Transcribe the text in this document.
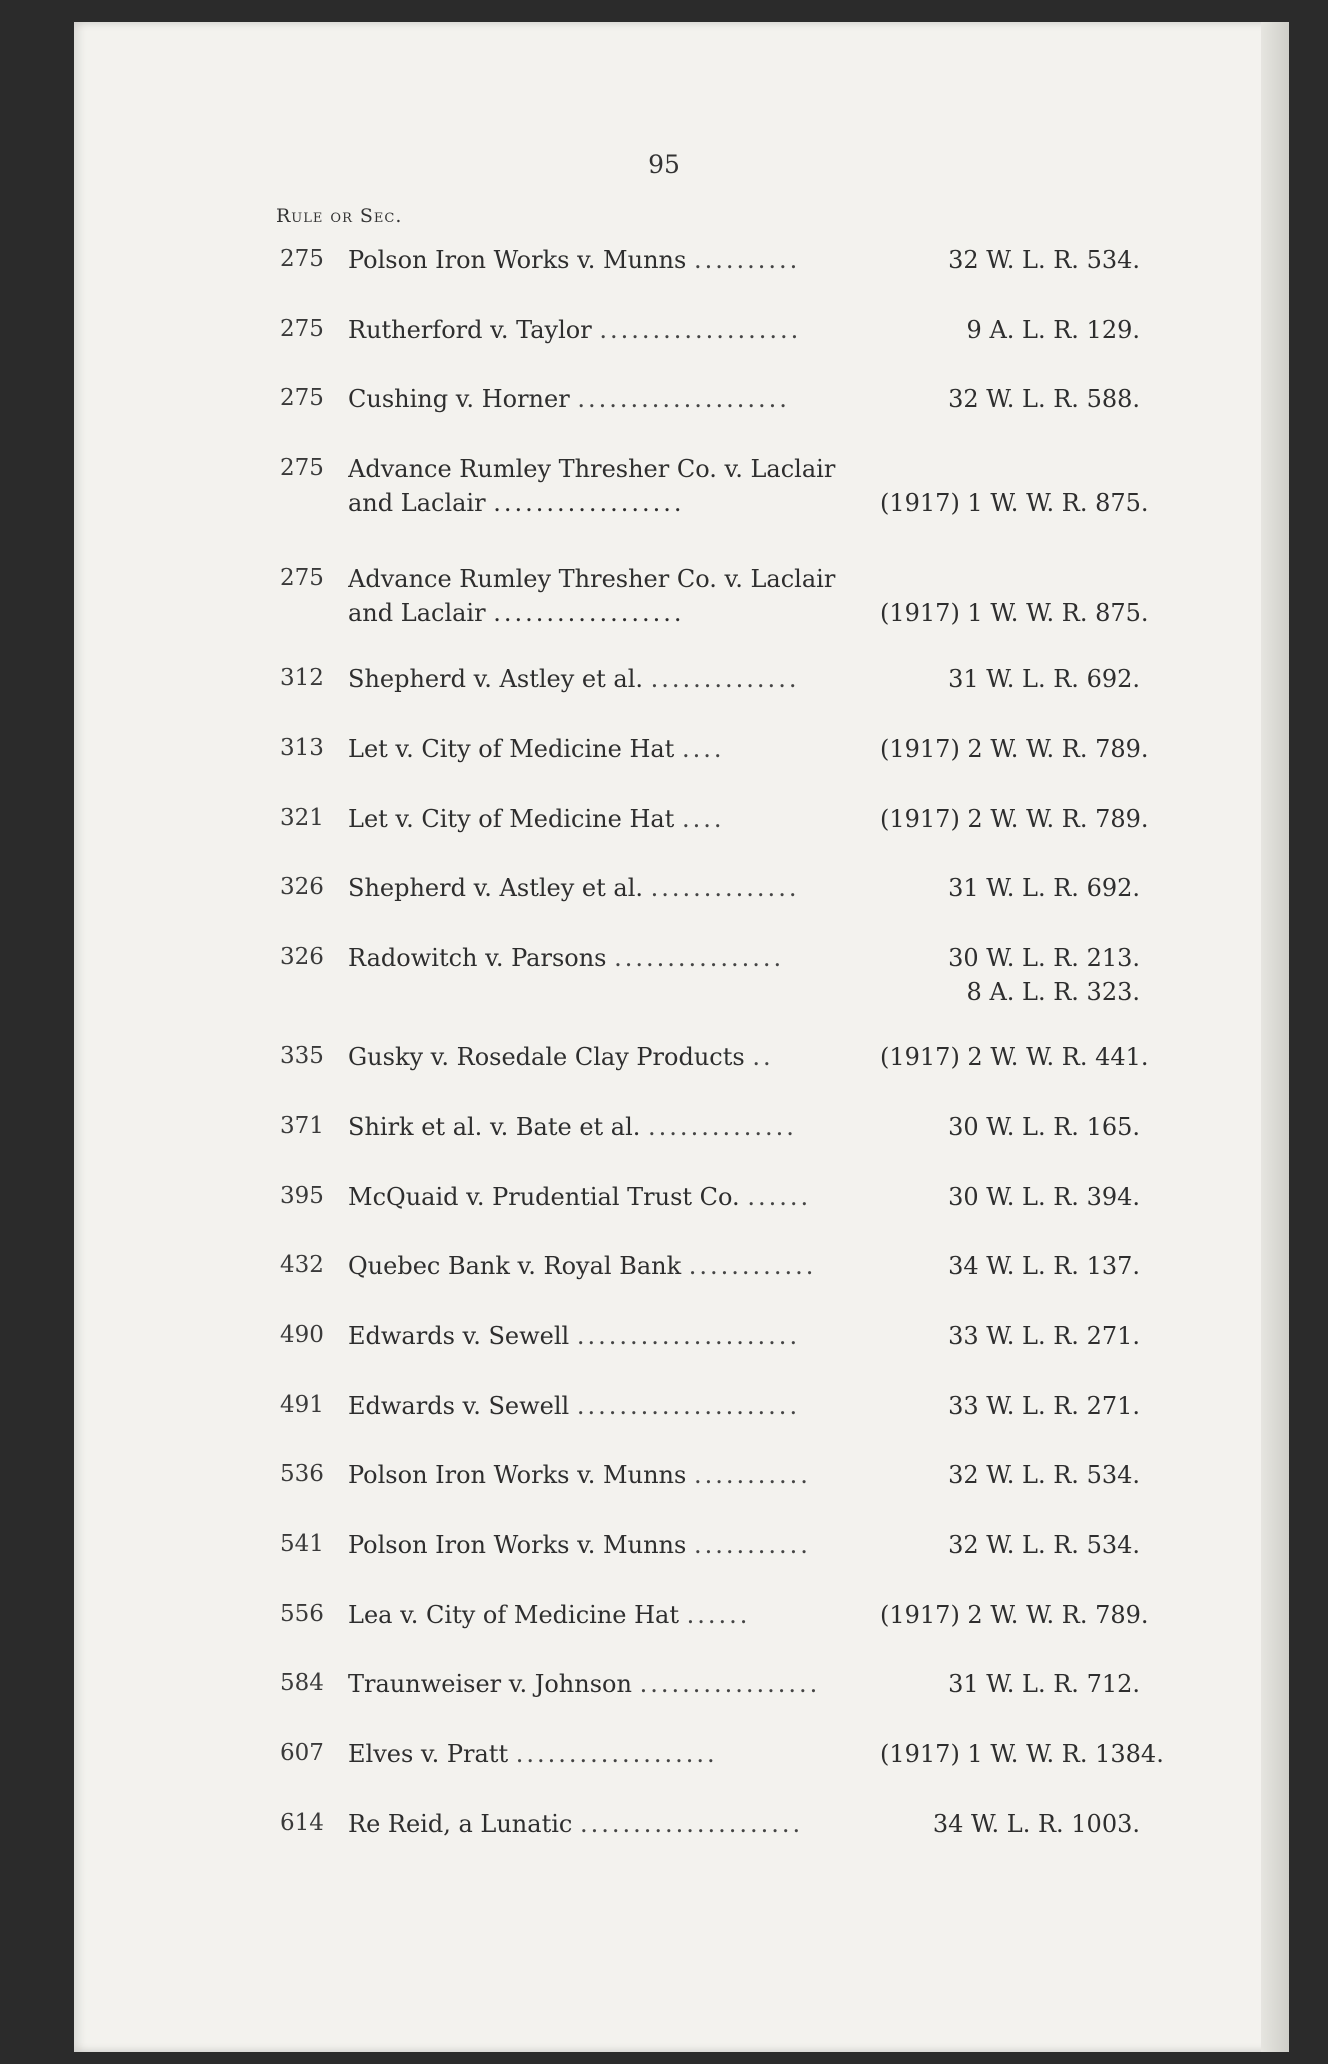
95
Rule or Sec.
275 Polson Iron Works v. Munns ..........	32 W. L. R. 534.
275 Rutherford v. Taylor ...................	9 A. L. R. 129.
275 Cushing v. Horner ....................	32 W. L. R. 588.
275 Advance Rumley Thresher Co. v. Laclair
and Laclair ..................	(1917) 1 W. W. R. 875.
275 Advance Rumley Thresher Co. v. Laclair
and Laclair ..................	(1917) 1 W. W. R. 875.
312 Shepherd v. Astley et al. ..............	31 W. L. R. 692.
313 Let v. City of Medicine Hat ....	(1917) 2 W. W. R. 789.
321 Let v. City of Medicine Hat ....	(1917) 2 W. W. R. 789.
326 Shepherd v. Astley et al. ..............	31 W. L. R. 692.
326 Radowitch v. Parsons ................	30 W. L. R. 213.
8 A. L. R. 323.
335 Gusky v. Rosedale Clay Products ..	(1917) 2 W. W. R. 441.
371 Shirk et al. v. Bate et al. ..............	30 W. L. R. 165.
395 McQuaid v. Prudential Trust Co. ......	30 W. L. R. 394.
432 Quebec Bank v. Royal Bank ............	34 W. L. R. 137.
490 Edwards v. Sewell .....................	33 W. L. R. 271.
491 Edwards v. Sewell .....................	33 W. L. R. 271.
536 Polson Iron Works v. Munns ...........	32 W. L. R. 534.
541 Polson Iron Works v. Munns ...........	32 W. L. R. 534.
556 Lea v. City of Medicine Hat ......	(1917) 2 W. W. R. 789.
584 Traunweiser v. Johnson .................	31 W. L. R. 712.
607 Elves v. Pratt ...................	(1917) 1 W. W. R. 1384.
614 Re Reid, a Lunatic .....................	34 W. L. R. 1003.
